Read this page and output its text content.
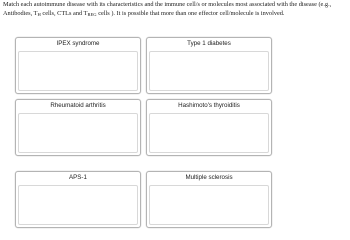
Match each autoimmune disease with its characteristics and the immune cell/s or molecules most associated with the disease (e.g., Antibodies, $T_H$ cells, CTLs and $T_{REG}$ cells ). It is possible that more than one effector cell/molecule is involved.

IPEX syndrome	Type 1 diabetes
Rheumatoid arthritis	Hashimoto's thyroiditis
APS-1	Multiple sclerosis
